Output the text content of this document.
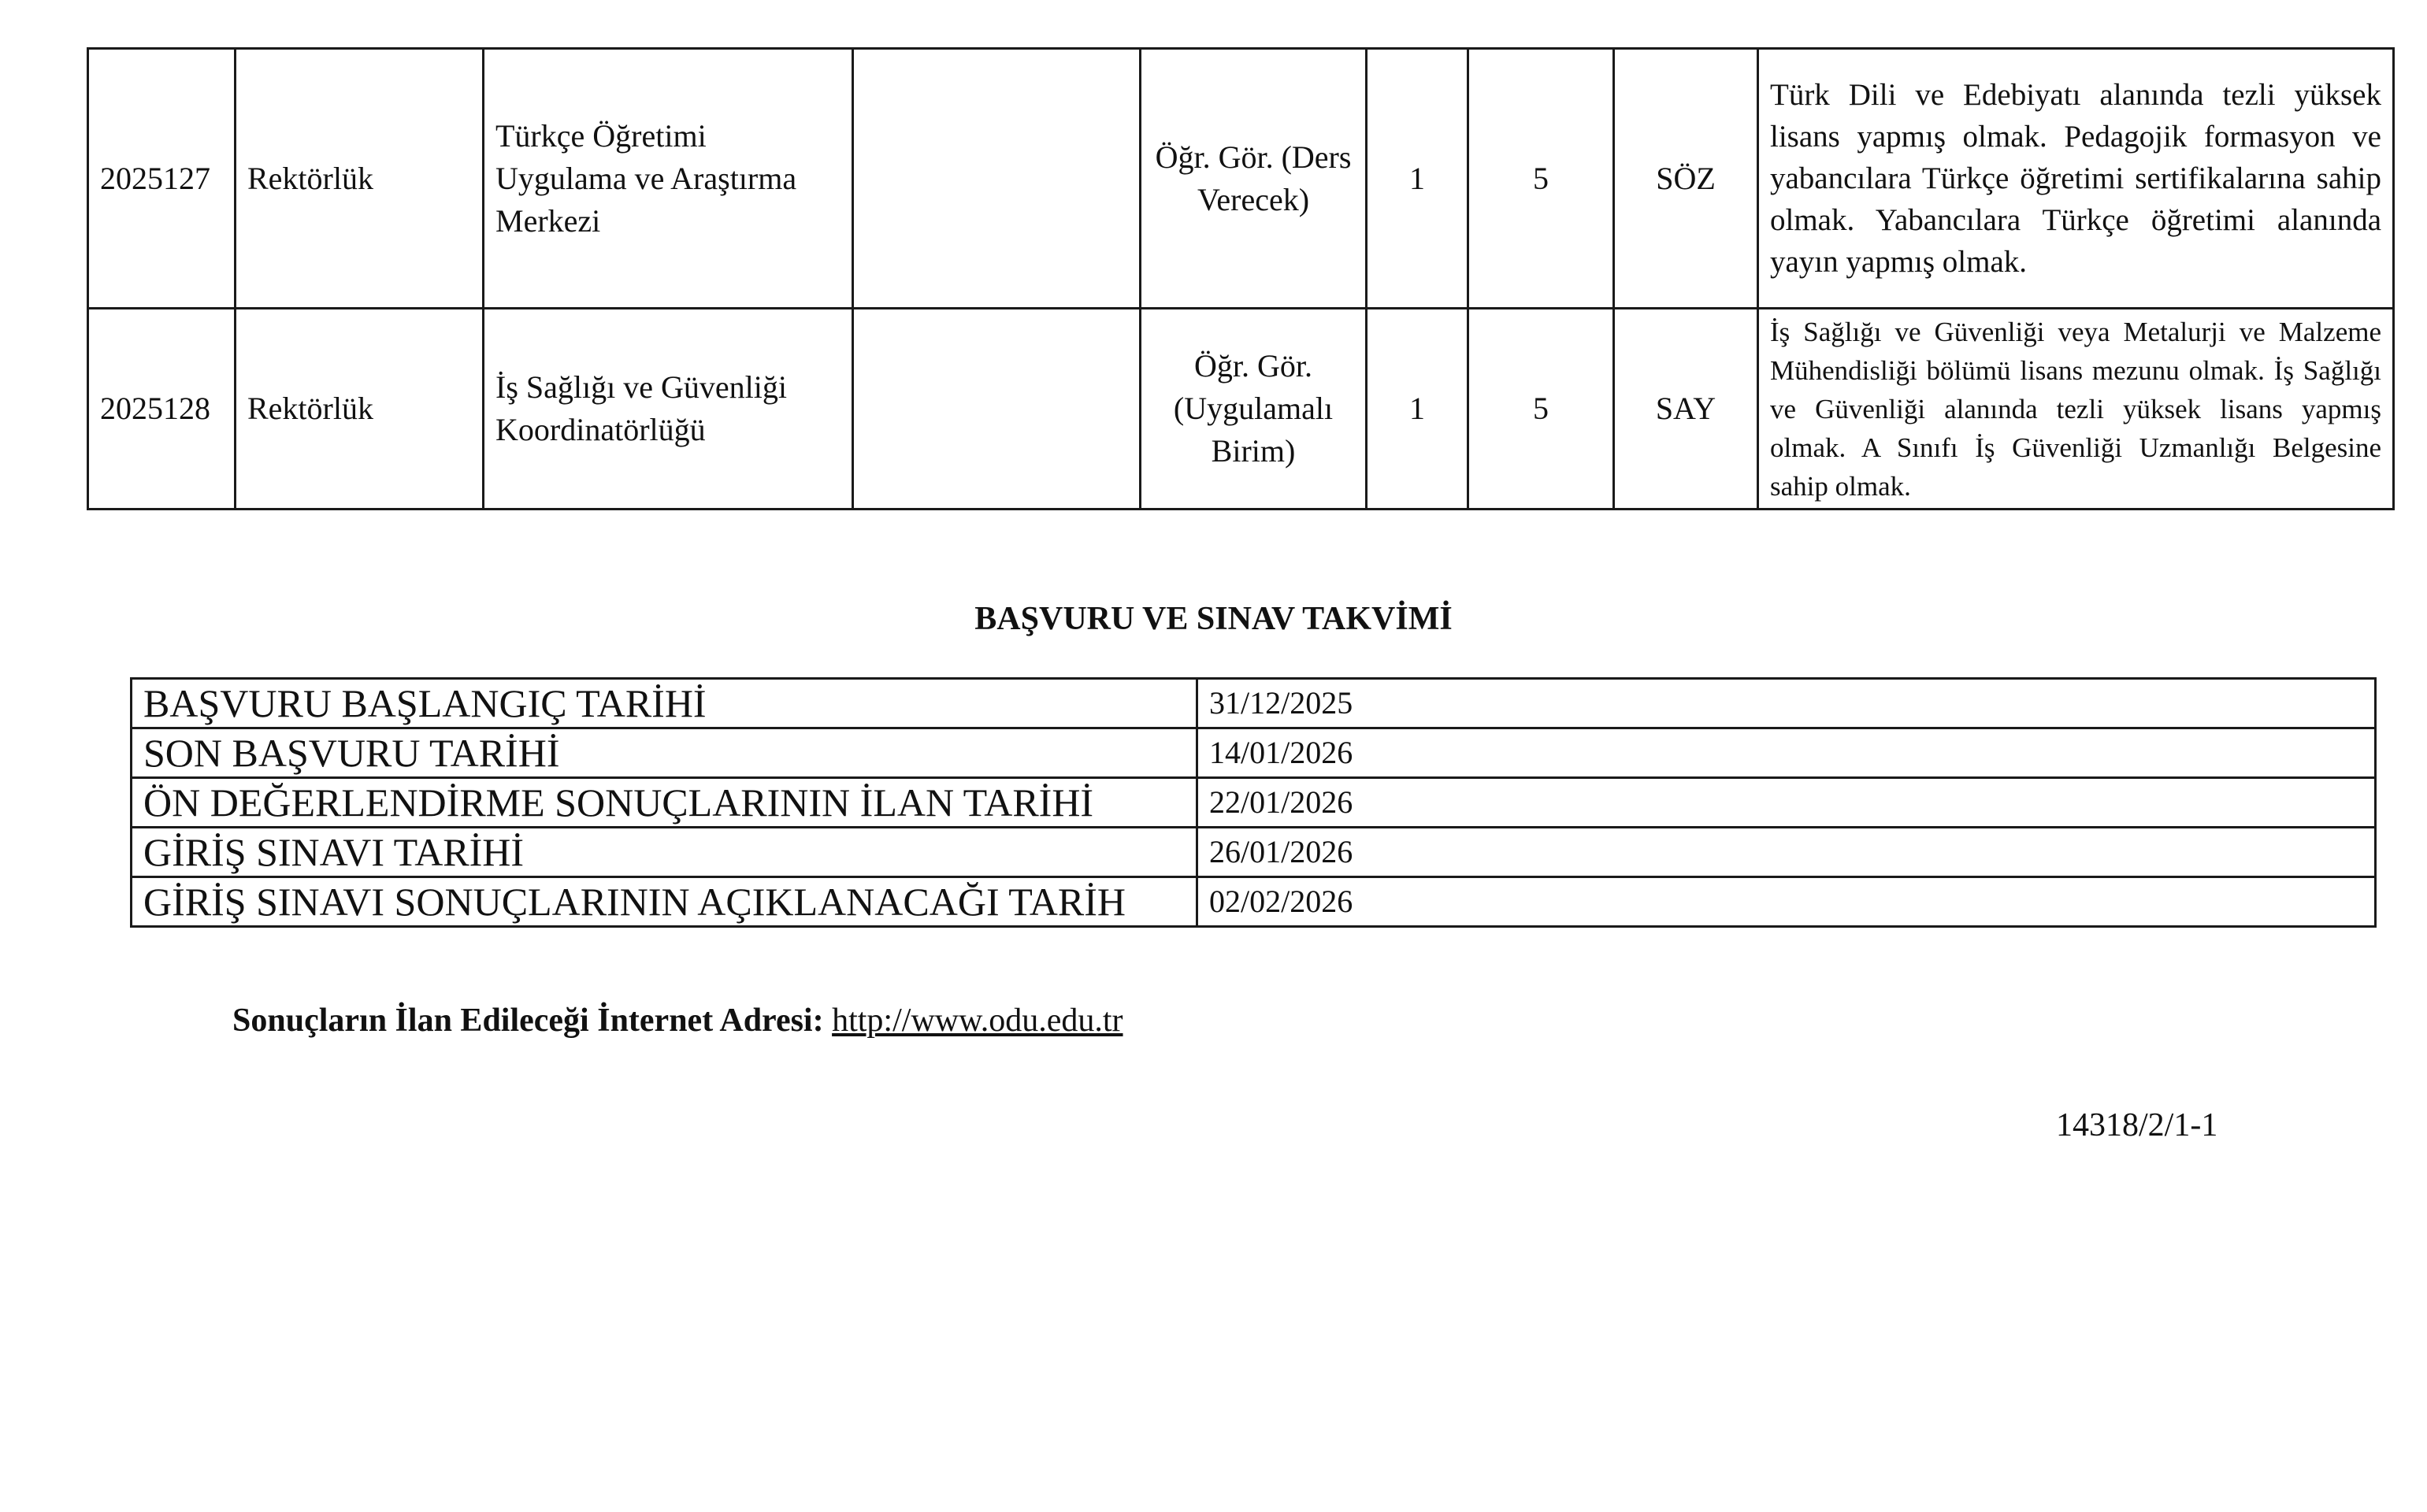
2025127	Rektörlük	Türkçe Öğretimi Uygulama ve Araştırma Merkezi		Öğr. Gör. (Ders Verecek)	1	5	SÖZ	Türk Dili ve Edebiyatı alanında tezli yüksek lisans yapmış olmak. Pedagojik formasyon ve yabancılara Türkçe öğretimi sertifikalarına sahip olmak. Yabancılara Türkçe öğretimi alanında yayın yapmış olmak.
2025128	Rektörlük	İş Sağlığı ve Güvenliği Koordinatörlüğü		Öğr. Gör. (Uygulamalı Birim)	1	5	SAY	İş Sağlığı ve Güvenliği veya Metalurji ve Malzeme Mühendisliği bölümü lisans mezunu olmak. İş Sağlığı ve Güvenliği alanında tezli yüksek lisans yapmış olmak. A Sınıfı İş Güvenliği Uzmanlığı Belgesine sahip olmak.
BAŞVURU VE SINAV TAKVİMİ
BAŞVURU BAŞLANGIÇ TARİHİ	31/12/2025
SON BAŞVURU TARİHİ	14/01/2026
ÖN DEĞERLENDİRME SONUÇLARININ İLAN TARİHİ	22/01/2026
GİRİŞ SINAVI TARİHİ	26/01/2026
GİRİŞ SINAVI SONUÇLARININ AÇIKLANACAĞI TARİH	02/02/2026
Sonuçların İlan Edileceği İnternet Adresi: http://www.odu.edu.tr
14318/2/1-1
